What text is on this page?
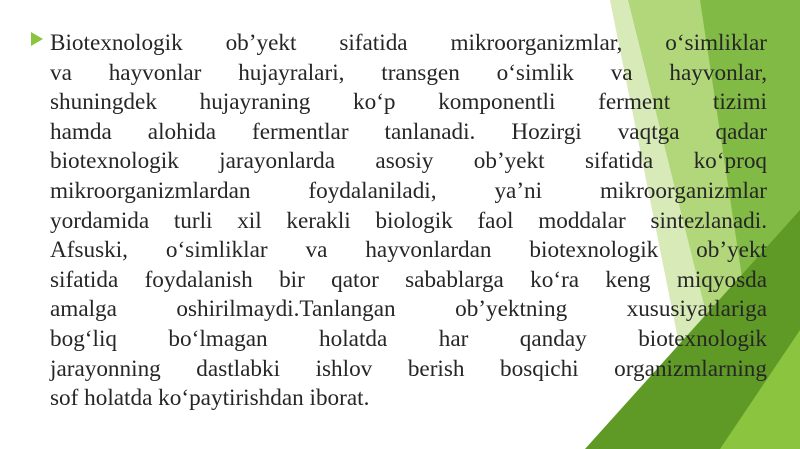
Biotexnologik ob’yekt sifatida mikroorganizmlar, o‘simliklar
va hayvonlar hujayralari, transgen o‘simlik va hayvonlar,
shuningdek hujayraning ko‘p komponentli ferment tizimi
hamda alohida fermentlar tanlanadi. Hozirgi vaqtga qadar
biotexnologik jarayonlarda asosiy ob’yekt sifatida ko‘proq
mikroorganizmlardan foydalaniladi, ya’ni mikroorganizmlar
yordamida turli xil kerakli biologik faol moddalar sintezlanadi.
Afsuski, o‘simliklar va hayvonlardan biotexnologik ob’yekt
sifatida foydalanish bir qator sabablarga ko‘ra keng miqyosda
amalga oshirilmaydi.Tanlangan ob’yektning xususiyatlariga
bog‘liq bo‘lmagan holatda har qanday biotexnologik
jarayonning dastlabki ishlov berish bosqichi organizmlarning
sof holatda ko‘paytirishdan iborat.
